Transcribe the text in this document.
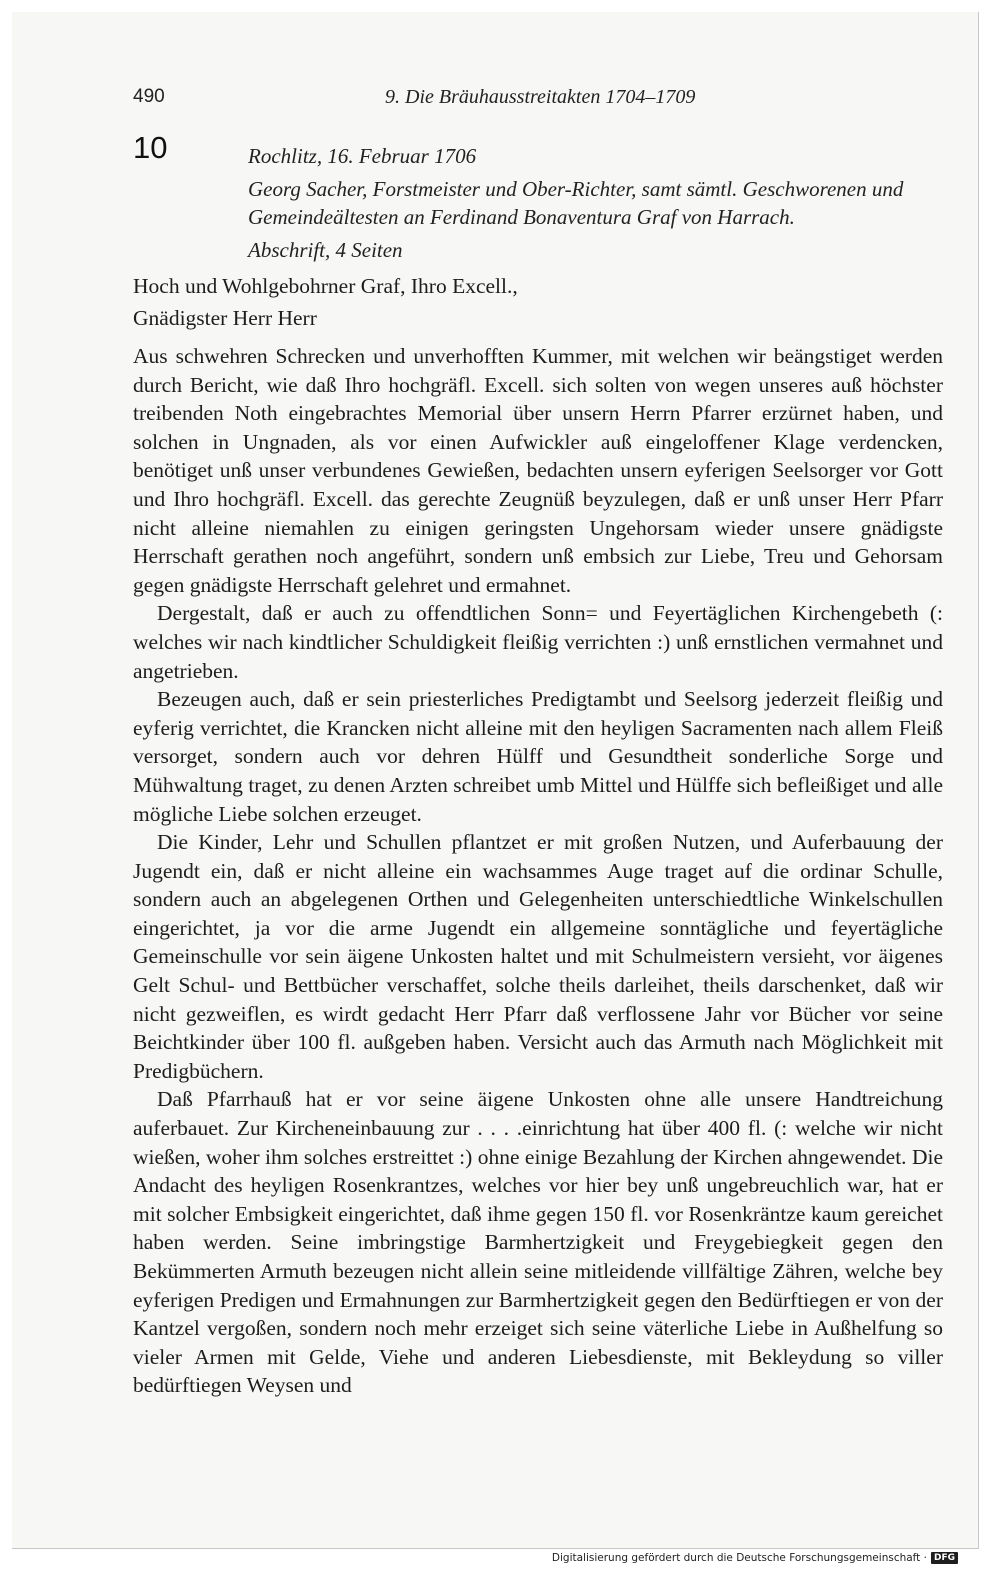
490	9. Die Bräuhausstreitakten 1704–1709
10	Rochlitz, 16. Februar 1706

Georg Sacher, Forstmeister und Ober-Richter, samt sämtl. Geschworenen und Gemeindeältesten an Ferdinand Bonaventura Graf von Harrach.

Abschrift, 4 Seiten

Hoch und Wohlgebohrner Graf, Ihro Excell.,

Gnädigster Herr Herr

Aus schwehren Schrecken und unverhofften Kummer, mit welchen wir beängstiget werden durch Bericht, wie daß Ihro hochgräfl. Excell. sich solten von wegen unseres auß höchster treibenden Noth eingebrachtes Memorial über unsern Herrn Pfarrer erzürnet haben, und solchen in Ungnaden, als vor einen Aufwickler auß eingeloffener Klage verdencken, benötiget unß unser verbundenes Gewießen, bedachten unsern eyferigen Seelsorger vor Gott und Ihro hochgräfl. Excell. das gerechte Zeugnüß beyzulegen, daß er unß unser Herr Pfarr nicht alleine niemahlen zu einigen geringsten Ungehorsam wieder unsere gnädigste Herrschaft gerathen noch angeführt, sondern unß embsich zur Liebe, Treu und Gehorsam gegen gnädigste Herrschaft gelehret und ermahnet.

Dergestalt, daß er auch zu offendtlichen Sonn= und Feyertäglichen Kirchengebeth (: welches wir nach kindtlicher Schuldigkeit fleißig verrichten :) unß ernstlichen vermahnet und angetrieben.

Bezeugen auch, daß er sein priesterliches Predigtambt und Seelsorg jederzeit fleißig und eyferig verrichtet, die Krancken nicht alleine mit den heyligen Sacramenten nach allem Fleiß versorget, sondern auch vor dehren Hülff und Gesundtheit sonderliche Sorge und Mühwaltung traget, zu denen Arzten schreibet umb Mittel und Hülffe sich befleißiget und alle mögliche Liebe solchen erzeuget.

Die Kinder, Lehr und Schullen pflantzet er mit großen Nutzen, und Auferbauung der Jugendt ein, daß er nicht alleine ein wachsammes Auge traget auf die ordinar Schulle, sondern auch an abgelegenen Orthen und Gelegenheiten unterschiedtliche Winkelschullen eingerichtet, ja vor die arme Jugendt ein allgemeine sonntägliche und feyertägliche Gemeinschulle vor sein äigene Unkosten haltet und mit Schulmeistern versieht, vor äigenes Gelt Schul- und Bettbücher verschaffet, solche theils darleihet, theils darschenket, daß wir nicht gezweiflen, es wirdt gedacht Herr Pfarr daß verflossene Jahr vor Bücher vor seine Beichtkinder über 100 fl. außgeben haben. Versicht auch das Armuth nach Möglichkeit mit Predigbüchern.

Daß Pfarrhauß hat er vor seine äigene Unkosten ohne alle unsere Handtreichung auferbauet. Zur Kircheneinbauung zur . . . .einrichtung hat über 400 fl. (: welche wir nicht wießen, woher ihm solches erstreittet :) ohne einige Bezahlung der Kirchen ahngewendet. Die Andacht des heyligen Rosenkrantzes, welches vor hier bey unß ungebreuchlich war, hat er mit solcher Embsigkeit eingerichtet, daß ihme gegen 150 fl. vor Rosenkräntze kaum gereichet haben werden. Seine imbringstige Barmhertzigkeit und Freygebiegkeit gegen den Bekümmerten Armuth bezeugen nicht allein seine mitleidende villfältige Zähren, welche bey eyferigen Predigen und Ermahnungen zur Barmhertzigkeit gegen den Bedürftiegen er von der Kantzel vergoßen, sondern noch mehr erzeiget sich seine väterliche Liebe in Außhelfung so vieler Armen mit Gelde, Viehe und anderen Liebesdienste, mit Bekleydung so viller bedürftiegen Weysen und

Digitalisierung gefördert durch die Deutsche Forschungsgemeinschaft · DFG
